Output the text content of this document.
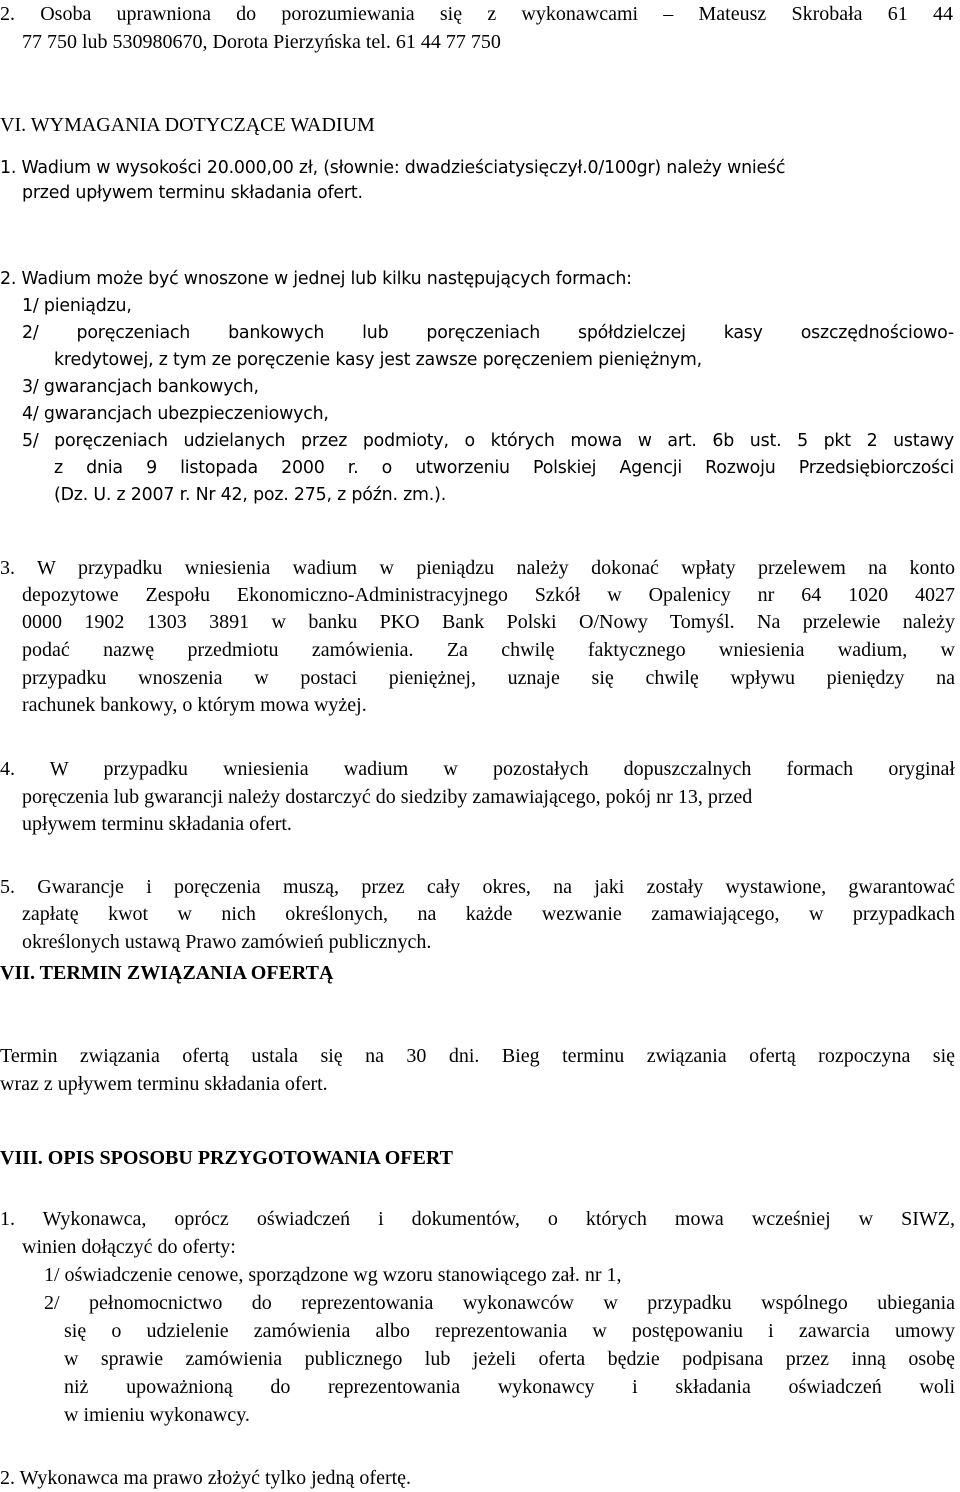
2. Osoba uprawniona do porozumiewania się z wykonawcami – Mateusz Skrobała 61 44

77 750 lub 530980670, Dorota Pierzyńska tel. 61 44 77 750

VI. WYMAGANIA DOTYCZĄCE WADIUM

1. Wadium w wysokości 20.000,00 zł, (słownie: dwadzieściatysięczył.0/100gr) należy wnieść

przed upływem terminu składania ofert.

2. Wadium może być wnoszone w jednej lub kilku następujących formach:

1/ pieniądzu,

2/ poręczeniach bankowych lub poręczeniach spółdzielczej kasy oszczędnościowo-

kredytowej, z tym ze poręczenie kasy jest zawsze poręczeniem pieniężnym,

3/ gwarancjach bankowych,

4/ gwarancjach ubezpieczeniowych,

5/ poręczeniach udzielanych przez podmioty, o których mowa w art. 6b ust. 5 pkt 2 ustawy

z dnia 9 listopada 2000 r. o utworzeniu Polskiej Agencji Rozwoju Przedsiębiorczości

(Dz. U. z 2007 r. Nr 42, poz. 275, z późn. zm.).

3. W przypadku wniesienia wadium w pieniądzu należy dokonać wpłaty przelewem na konto

depozytowe Zespołu Ekonomiczno-Administracyjnego Szkół w Opalenicy nr 64 1020 4027

0000 1902 1303 3891 w banku PKO Bank Polski O/Nowy Tomyśl. Na przelewie należy

podać nazwę przedmiotu zamówienia. Za chwilę faktycznego wniesienia wadium, w

przypadku wnoszenia w postaci pieniężnej, uznaje się chwilę wpływu pieniędzy na

rachunek bankowy, o którym mowa wyżej.

4. W przypadku wniesienia wadium w pozostałych dopuszczalnych formach oryginał

poręczenia lub gwarancji należy dostarczyć do siedziby zamawiającego, pokój nr 13, przed

upływem terminu składania ofert.

5. Gwarancje i poręczenia muszą, przez cały okres, na jaki zostały wystawione, gwarantować

zapłatę kwot w nich określonych, na każde wezwanie zamawiającego, w przypadkach

określonych ustawą Prawo zamówień publicznych.

VII. TERMIN ZWIĄZANIA OFERTĄ

Termin związania ofertą ustala się na 30 dni. Bieg terminu związania ofertą rozpoczyna się

wraz z upływem terminu składania ofert.

VIII. OPIS SPOSOBU PRZYGOTOWANIA OFERT

1. Wykonawca, oprócz oświadczeń i dokumentów, o których mowa wcześniej w SIWZ,

winien dołączyć do oferty:

1/ oświadczenie cenowe, sporządzone wg wzoru stanowiącego zał. nr 1,

2/ pełnomocnictwo do reprezentowania wykonawców w przypadku wspólnego ubiegania

się o udzielenie zamówienia albo reprezentowania w postępowaniu i zawarcia umowy

w sprawie zamówienia publicznego lub jeżeli oferta będzie podpisana przez inną osobę

niż upoważnioną do reprezentowania wykonawcy i składania oświadczeń woli

w imieniu wykonawcy.

2. Wykonawca ma prawo złożyć tylko jedną ofertę.
